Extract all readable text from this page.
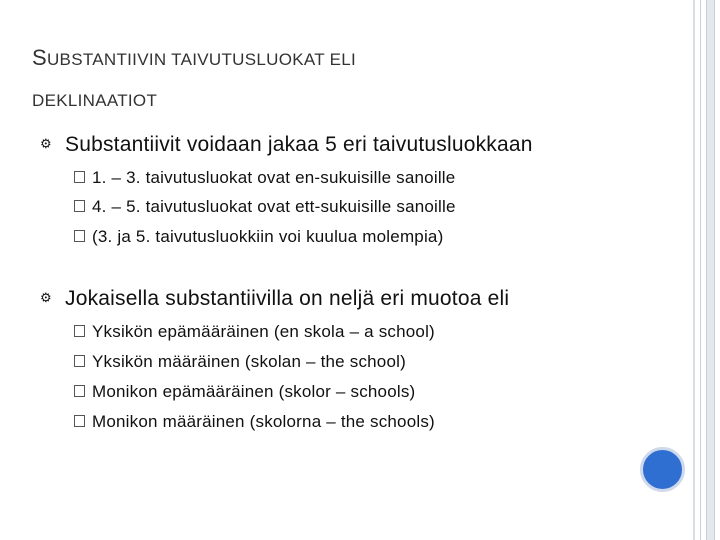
SUBSTANTIIVIN TAIVUTUSLUOKAT ELI
DEKLINAATIOT
⚙ Substantiivit voidaan jakaa 5 eri taivutusluokkaan
1. – 3. taivutusluokat ovat en-sukuisille sanoille
4. – 5. taivutusluokat ovat ett-sukuisille sanoille
(3. ja 5. taivutusluokkiin voi kuulua molempia)
⚙ Jokaisella substantiivilla on neljä eri muotoa eli
Yksikön epämääräinen (en skola – a school)
Yksikön määräinen (skolan – the school)
Monikon epämääräinen (skolor – schools)
Monikon määräinen (skolorna – the schools)
